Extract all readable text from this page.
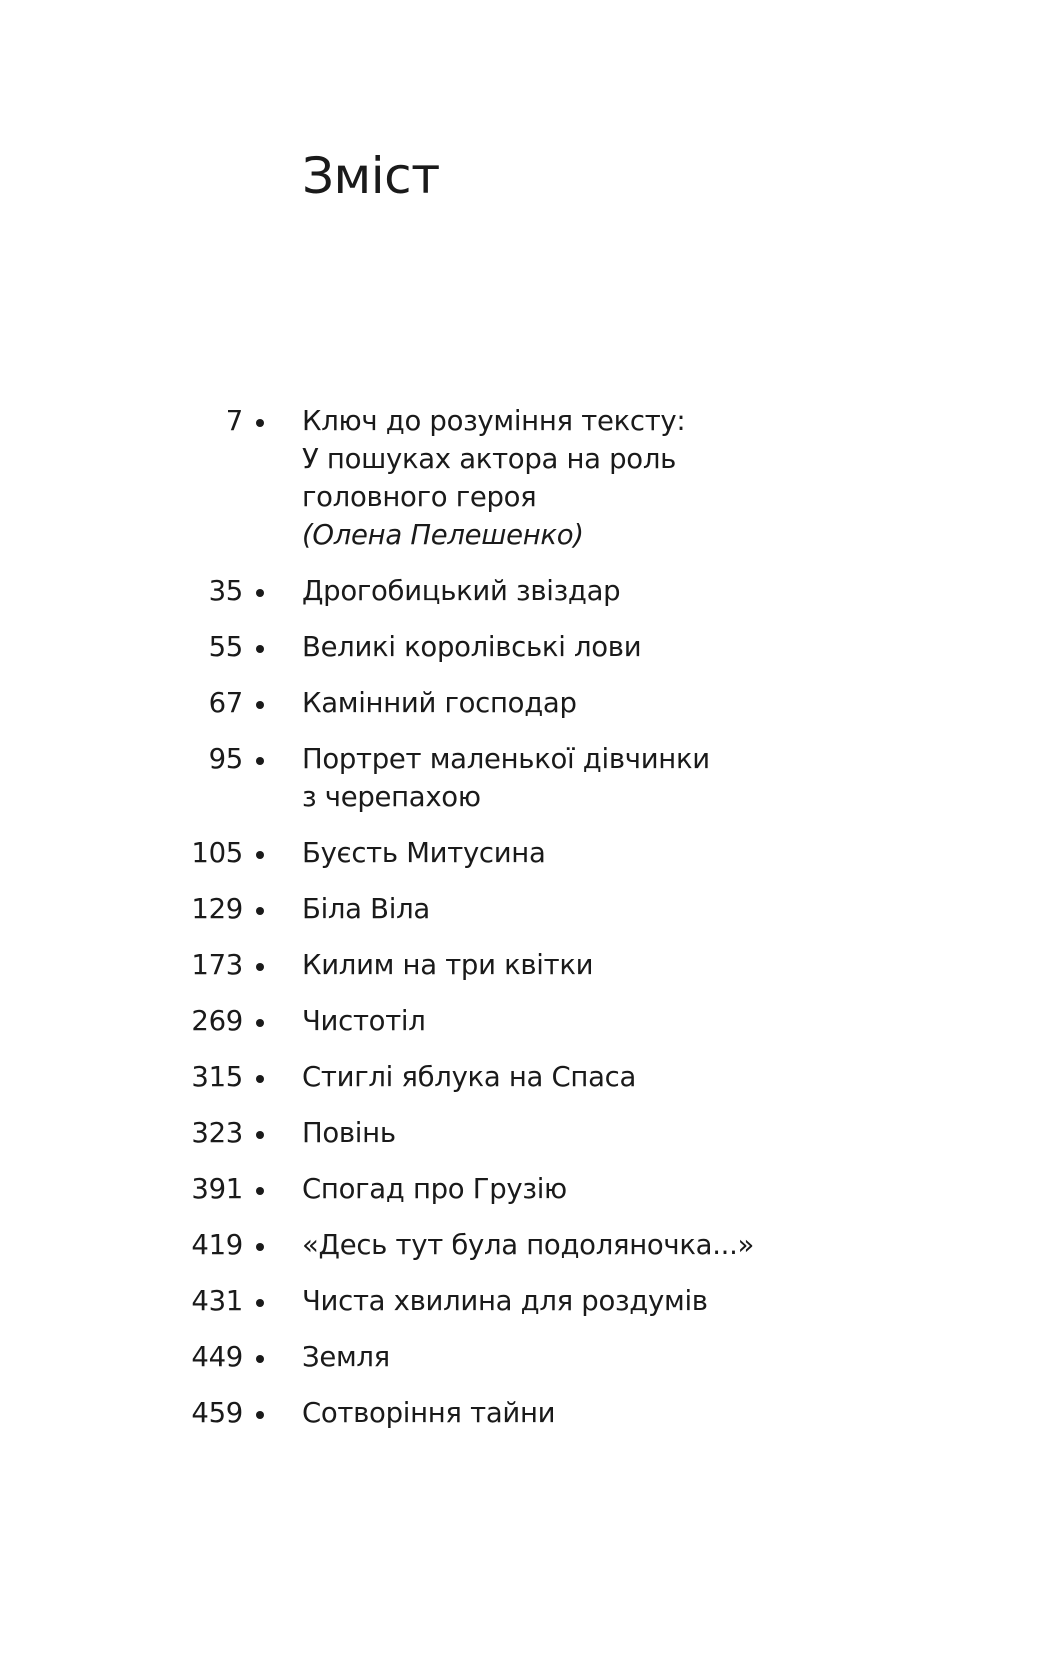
Зміст
7 Ключ до розуміння тексту:
У пошуках актора на роль
головного героя
(Олена Пелешенко)
35 Дрогобицький звіздар
55 Великі королівські лови
67 Камінний господар
95 Портрет маленької дівчинки
з черепахою
105 Буєсть Митусина
129 Біла Віла
173 Килим на три квітки
269 Чистотіл
315 Стиглі яблука на Спаса
323 Повінь
391 Спогад про Грузію
419 «Десь тут була подоляночка...»
431 Чиста хвилина для роздумів
449 Земля
459 Сотворіння тайни
